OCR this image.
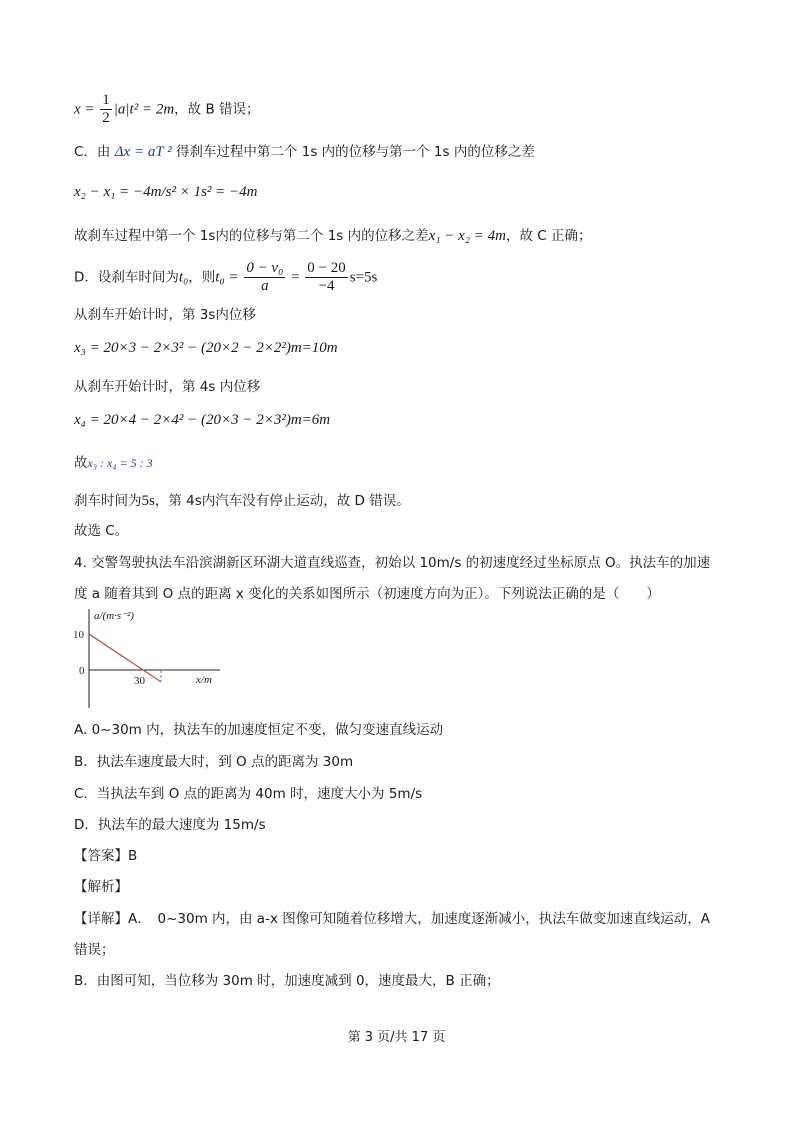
$x = \frac{1}{2} |a|t^2 = 2m$，故 B 错误；
C．由 Δx = aT ² 得刹车过程中第二个 1s 内的位移与第一个 1s 内的位移之差
x₂ − x₁ = −4m/s² × 1s² = −4m
故刹车过程中第一个 1s内的位移与第二个 1s 内的位移之差x₁ − x₂ = 4m，故 C 正确；
D．设刹车时间为t₀，则$t_0 = \frac{\text{0 − v₀}}{a} = \frac{0 - 20}{-4} s=5s$
从刹车开始计时，第 3s内位移
x₃ = 20×3 − 2×3² − (20×2 − 2×2²)m=10m
从刹车开始计时，第 4s 内位移
x₄ = 20×4 − 2×4² − (20×3 − 2×3²)m=6m
故x₃ : x₄ = 5 : 3
刹车时间为5s，第 4s内汽车没有停止运动，故 D 错误。
故选 C。
4. 交警驾驶执法车沿滨湖新区环湖大道直线巡查，初始以 10m/s 的初速度经过坐标原点 O。执法车的加速
度 a 随着其到 O 点的距离 x 变化的关系如图所示（初速度方向为正）。下列说法正确的是（　　）
a/(m·s⁻²)
x/m
10
0
30
A. 0~30m 内，执法车的加速度恒定不变，做匀变速直线运动
B．执法车速度最大时，到 O 点的距离为 30m
C．当执法车到 O 点的距离为 40m 时，速度大小为 5m/s
D．执法车的最大速度为 15m/s
【答案】B
【解析】
【详解】A．　0~30m 内，由 a-x 图像可知随着位移增大，加速度逐渐减小，执法车做变加速直线运动，A
错误；
B．由图可知，当位移为 30m 时，加速度减到 0，速度最大，B 正确；
第 3 页/共 17 页
